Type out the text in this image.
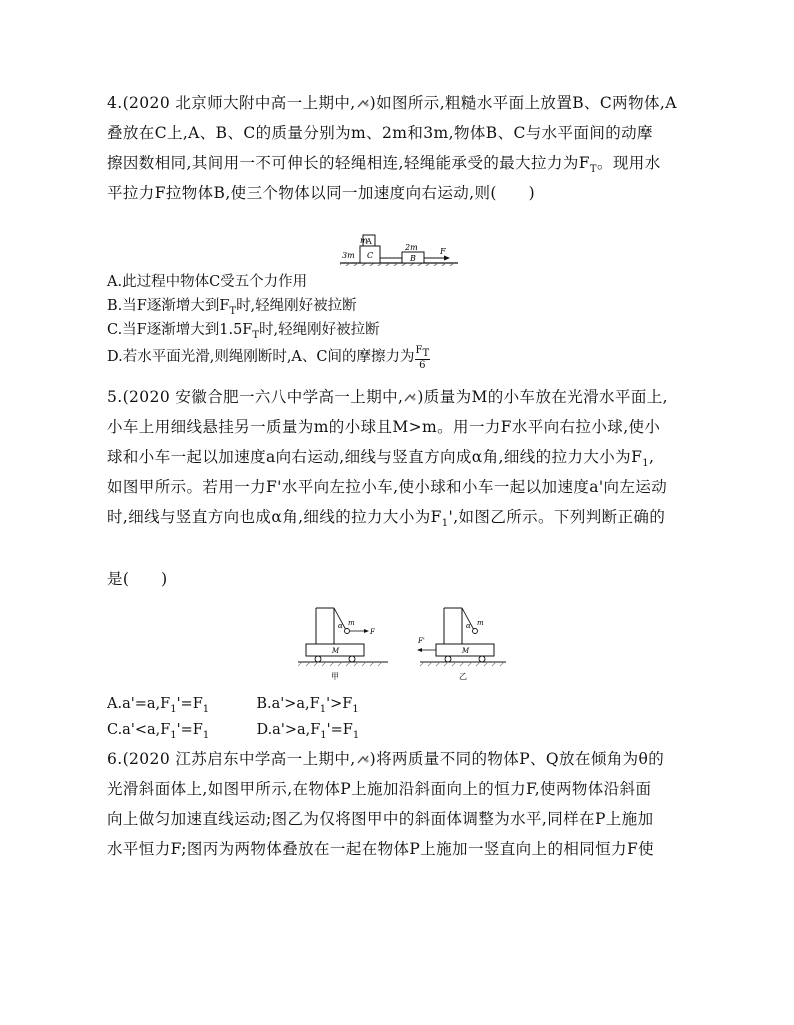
4.(2020 北京师大附中高一上期中, )如图所示,粗糙水平面上放置B、C两物体,A
叠放在C上,A、B、C的质量分别为m、2m和3m,物体B、C与水平面间的动摩
擦因数相同,其间用一不可伸长的轻绳相连,轻绳能承受的最大拉力为$F_T$。现用水
平拉力F拉物体B,使三个物体以同一加速度向右运动,则(　　)
m
A
3m C
2m
B
F
A.此过程中物体C受五个力作用
B.当F逐渐增大到$F_T$时,轻绳刚好被拉断
C.当F逐渐增大到$1.5F_T$时,轻绳刚好被拉断
D.若水平面光滑,则绳刚断时,A、C间的摩擦力为 $\frac{F_T}{6}$
5.(2020 安徽合肥一六八中学高一上期中, )质量为M的小车放在光滑水平面上,
小车上用细线悬挂另一质量为m的小球且M>m。用一力F水平向右拉小球,使小
球和小车一起以加速度a向右运动,细线与竖直方向成α角,细线的拉力大小为$F_1$,
如图甲所示。若用一力F'水平向左拉小车,使小球和小车一起以加速度a'向左运动
时,细线与竖直方向也成α角,细线的拉力大小为$F_1'$,如图乙所示。下列判断正确的
是(　　)
α m
F
M
甲
α m
M
F'
乙
$A.a'=a,F_1'=F_1$	$B.a'>a,F_1'>F_1$
$C.a'<a,F_1'=F_1$	$D.a'>a,F_1'=F_1$
6.(2020 江苏启东中学高一上期中, )将两质量不同的物体P、Q放在倾角为θ的
光滑斜面体上,如图甲所示,在物体P上施加沿斜面向上的恒力F,使两物体沿斜面
向上做匀加速直线运动;图乙为仅将图甲中的斜面体调整为水平,同样在P上施加
水平恒力F;图丙为两物体叠放在一起在物体P上施加一竖直向上的相同恒力F使
